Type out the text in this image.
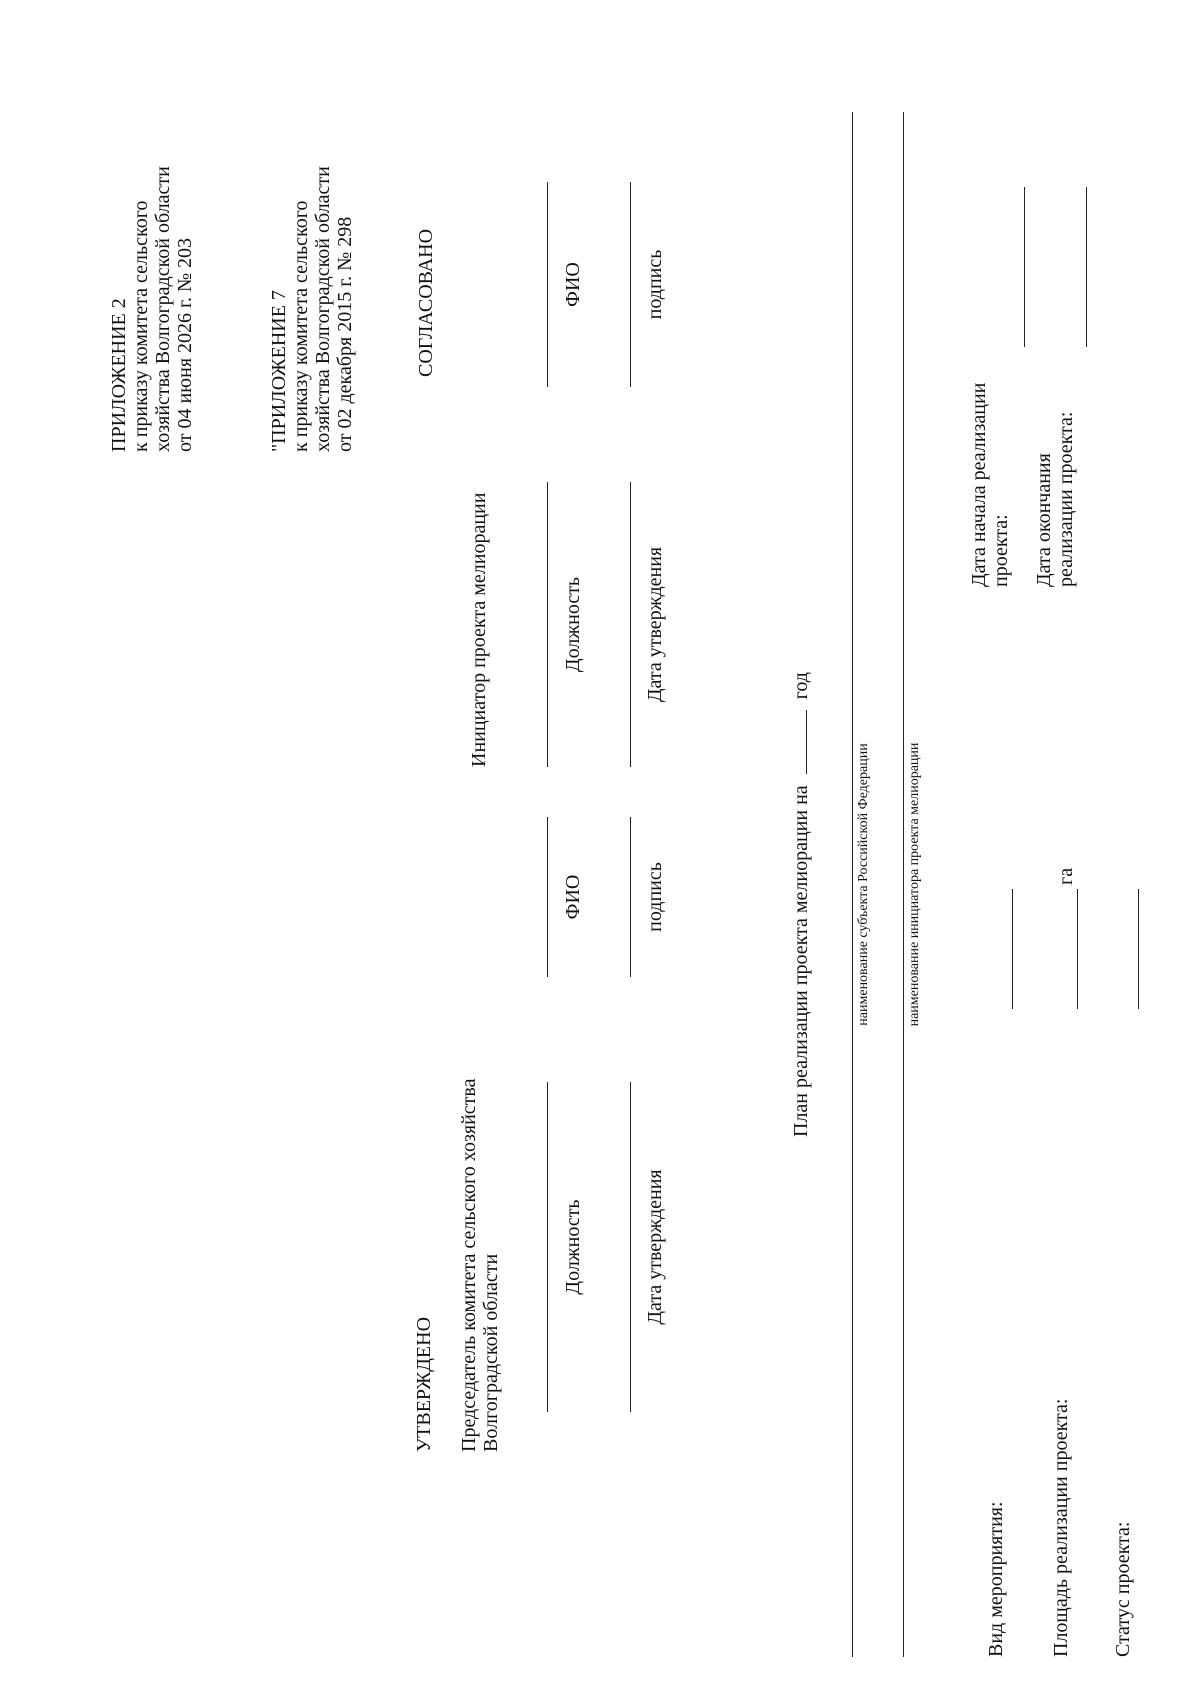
ПРИЛОЖЕНИЕ 2 к приказу комитета сельского хозяйства Волгоградской области от 04 июня 2026 г. № 203	"ПРИЛОЖЕНИЕ 7 к приказу комитета сельского хозяйства Волгоградской области от 02 декабря 2015 г. № 298
УТВЕРЖДЕНО Председатель комитета сельского хозяйства Волгоградской области
Должность
ФИО
Дата утверждения
подпись
Инициатор проекта мелиорации	Должность	Дата утверждения
СОГЛАСОВАНО	ФИО	подпись
План реализации проекта мелиорации на  год
наименование субъекта Российской Федерации	наименование инициатора проекта мелиорации
Вид мероприятия: Площадь реализации проекта:
га
Статус проекта:
Дата начала реализации проекта: Дата окончания реализации проекта:
